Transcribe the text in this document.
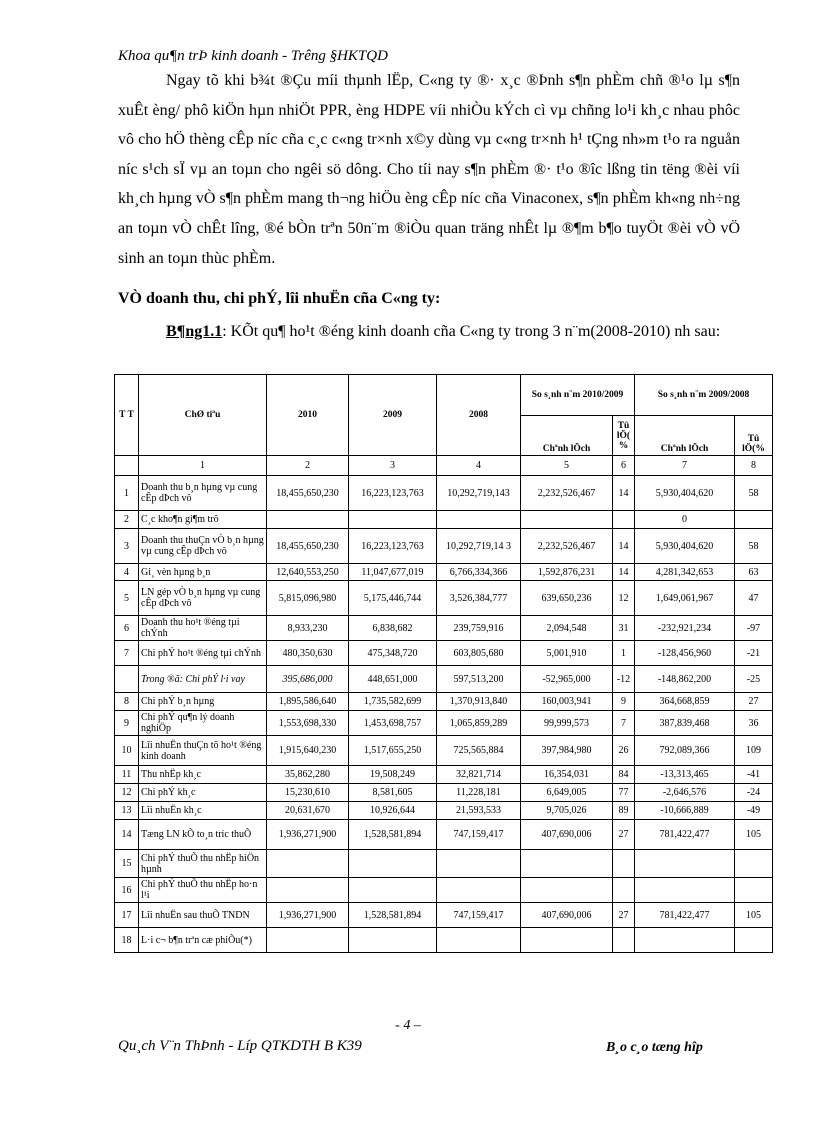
Khoa qu¶n trÞ kinh doanh - Trêng §HKTQD
Ngay tõ khi b¾t ®Çu míi thµnh lËp, C«ng ty ®· x¸c ®Þnh s¶n phÈm chñ ®¹o lµ s¶n xuÊt èng/ phô kiÖn hµn nhiÖt PPR, èng HDPE víi nhiÒu kÝch cì vµ chñng lo¹i kh¸c nhau phôc vô cho hÖ thèng cÊp níc cña c¸c c«ng tr×nh x©y dùng vµ c«ng tr×nh h¹ tÇng nh»m t¹o ra nguån níc s¹ch sÏ vµ an toµn cho ngêi sö dông. Cho tíi nay s¶n phÈm ®· t¹o ®îc lßng tin tëng ®èi víi kh¸ch hµng vÒ s¶n phÈm mang th¬ng hiÖu èng cÊp níc cña Vinaconex, s¶n phÈm kh«ng nh÷ng an toµn vÒ chÊt lîng, ®é bÒn trªn 50n¨m ®iÒu quan träng nhÊt lµ ®¶m b¶o tuyÖt ®èi vÒ vÖ sinh an toµn thùc phÈm.
VÒ doanh thu, chi phÝ, lîi nhuËn cña C«ng ty:
B¶ng1.1: KÕt qu¶ ho¹t ®éng kinh doanh cña C«ng ty trong 3 n¨m(2008-2010) nh sau:
T T	ChØ tiªu	2010	2009	2008	So s¸nh n¨m 2010/2009		So s¸nh n¨m 2009/2008	
					Chªnh lÖch	Tû lÖ( %	Chªnh lÖch	Tû lÖ(%
	1	2	3	4	5	6	7	8
1	Doanh thu b¸n hµng vµ cung cÊp dÞch vô	18,455,650,230	16,223,123,763	10,292,719,143	2,232,526,467	14	5,930,404,620	58
2	C¸c kho¶n gi¶m trõ						0	
3	Doanh thu thuÇn vÒ b¸n hµng vµ cung cÊp dÞch vô	18,455,650,230	16,223,123,763	10,292,719,14 3	2,232,526,467	14	5,930,404,620	58
4	Gi¸ vèn hµng b¸n	12,640,553,250	11,047,677,019	6,766,334,366	1,592,876,231	14	4,281,342,653	63
5	LN gép vÒ b¸n hµng vµ cung cÊp dÞch vô	5,815,096,980	5,175,446,744	3,526,384,777	639,650,236	12	1,649,061,967	47
6	Doanh thu ho¹t ®éng tµi chÝnh	8,933,230	6,838,682	239,759,916	2,094,548	31	-232,921,234	-97
7	Chi phÝ ho¹t ®éng tµi chÝnh	480,350,630	475,348,720	603,805,680	5,001,910	1	-128,456,960	-21
	Trong ®ã: Chi phÝ l·i vay	395,686,000	448,651,000	597,513,200	-52,965,000	-12	-148,862,200	-25
8	Chi phÝ b¸n hµng	1,895,586,640	1,735,582,699	1,370,913,840	160,003,941	9	364,668,859	27
9	Chi phÝ qu¶n lý doanh nghiÖp	1,553,698,330	1,453,698,757	1,065,859,289	99,999,573	7	387,839,468	36
10	Lîi nhuËn thuÇn tõ ho¹t ®éng kinh doanh	1,915,640,230	1,517,655,250	725,565,884	397,984,980	26	792,089,366	109
11	Thu nhËp kh¸c	35,862,280	19,508,249	32,821,714	16,354,031	84	-13,313,465	-41
12	Chi phÝ kh¸c	15,230,610	8,581,605	11,228,181	6,649,005	77	-2,646,576	-24
13	Lîi nhuËn kh¸c	20,631,670	10,926,644	21,593,533	9,705,026	89	-10,666,889	-49
14	Tæng LN kÕ to¸n tríc thuÕ	1,936,271,900	1,528,581,894	747,159,417	407,690,006	27	781,422,477	105
15	Chi phÝ thuÕ thu nhËp hiÖn hµnh							
16	Chi phÝ thuÕ thu nhËp ho·n l¹i							
17	Lîi nhuËn sau thuÕ TNDN	1,936,271,900	1,528,581,894	747,159,417	407,690,006	27	781,422,477	105
18	L·i c¬ b¶n trªn cæ phiÕu(*)							
- 4 –
Qu¸ch V¨n ThÞnh - Líp QTKDTH B K39	B¸o c¸o tæng hîp
